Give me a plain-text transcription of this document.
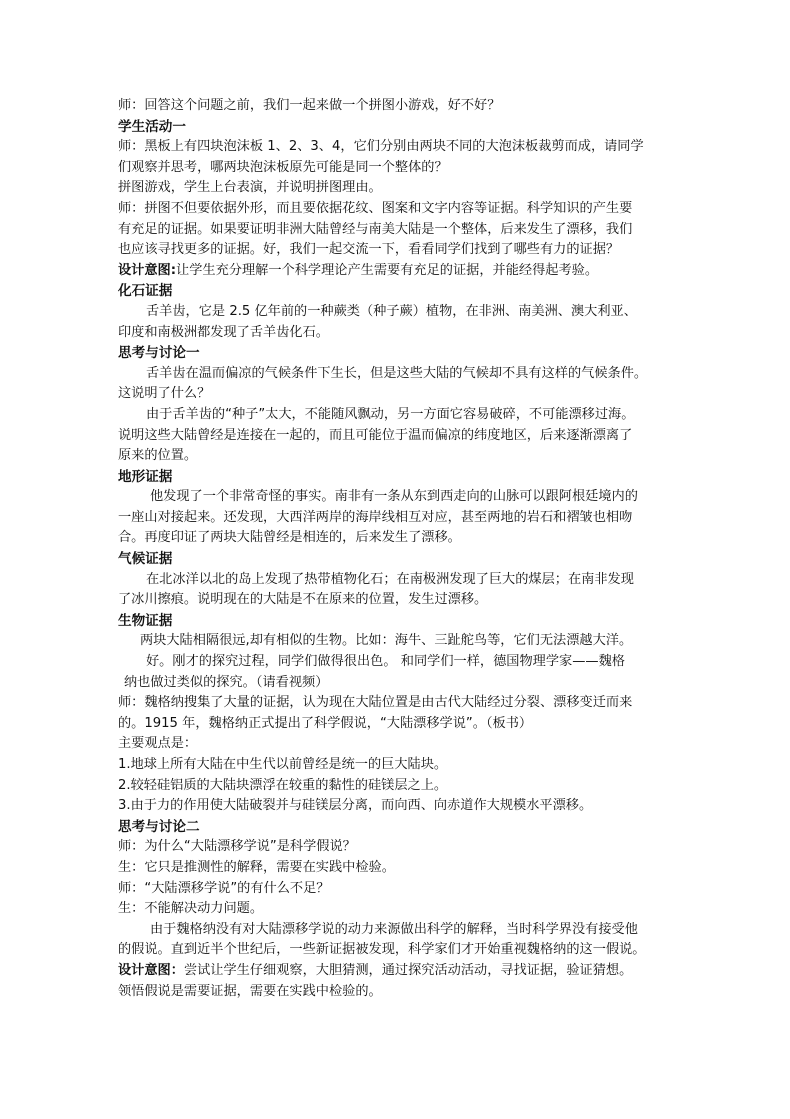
师：回答这个问题之前，我们一起来做一个拼图小游戏，好不好？
学生活动一
师：黑板上有四块泡沫板 1、2、3、4，它们分别由两块不同的大泡沫板裁剪而成，请同学
们观察并思考，哪两块泡沫板原先可能是同一个整体的？
拼图游戏，学生上台表演，并说明拼图理由。
师：拼图不但要依据外形，而且要依据花纹、图案和文字内容等证据。科学知识的产生要
有充足的证据。如果要证明非洲大陆曾经与南美大陆是一个整体，后来发生了漂移，我们
也应该寻找更多的证据。好，我们一起交流一下，看看同学们找到了哪些有力的证据？
设计意图:让学生充分理解一个科学理论产生需要有充足的证据，并能经得起考验。
化石证据
舌羊齿，它是 2.5 亿年前的一种蕨类（种子蕨）植物，在非洲、南美洲、澳大利亚、
印度和南极洲都发现了舌羊齿化石。
思考与讨论一
舌羊齿在温而偏凉的气候条件下生长，但是这些大陆的气候却不具有这样的气候条件。
这说明了什么？
由于舌羊齿的“种子”太大，不能随风飘动，另一方面它容易破碎，不可能漂移过海。
说明这些大陆曾经是连接在一起的，而且可能位于温而偏凉的纬度地区，后来逐渐漂离了
原来的位置。
地形证据
他发现了一个非常奇怪的事实。南非有一条从东到西走向的山脉可以跟阿根廷境内的
一座山对接起来。还发现，大西洋两岸的海岸线相互对应，甚至两地的岩石和褶皱也相吻
合。再度印证了两块大陆曾经是相连的，后来发生了漂移。
气候证据
在北冰洋以北的岛上发现了热带植物化石；在南极洲发现了巨大的煤层；在南非发现
了冰川擦痕。说明现在的大陆是不在原来的位置，发生过漂移。
生物证据
两块大陆相隔很远,却有相似的生物。比如：海牛、三趾舵鸟等，它们无法漂越大洋。
好。刚才的探究过程，同学们做得很出色。 和同学们一样，德国物理学家——魏格
纳也做过类似的探究。（请看视频）
师：魏格纳搜集了大量的证据，认为现在大陆位置是由古代大陆经过分裂、漂移变迁而来
的。1915 年，魏格纳正式提出了科学假说，“大陆漂移学说”。（板书）
主要观点是：
1.地球上所有大陆在中生代以前曾经是统一的巨大陆块。
2.较轻硅铝质的大陆块漂浮在较重的黏性的硅镁层之上。
3.由于力的作用使大陆破裂并与硅镁层分离，而向西、向赤道作大规模水平漂移。
思考与讨论二
师：为什么“大陆漂移学说”是科学假说？
生：它只是推测性的解释，需要在实践中检验。
师：“大陆漂移学说”的有什么不足？
生：不能解决动力问题。
由于魏格纳没有对大陆漂移学说的动力来源做出科学的解释，当时科学界没有接受他
的假说。直到近半个世纪后，一些新证据被发现，科学家们才开始重视魏格纳的这一假说。
设计意图：尝试让学生仔细观察，大胆猜测，通过探究活动活动，寻找证据，验证猜想。
领悟假说是需要证据，需要在实践中检验的。
